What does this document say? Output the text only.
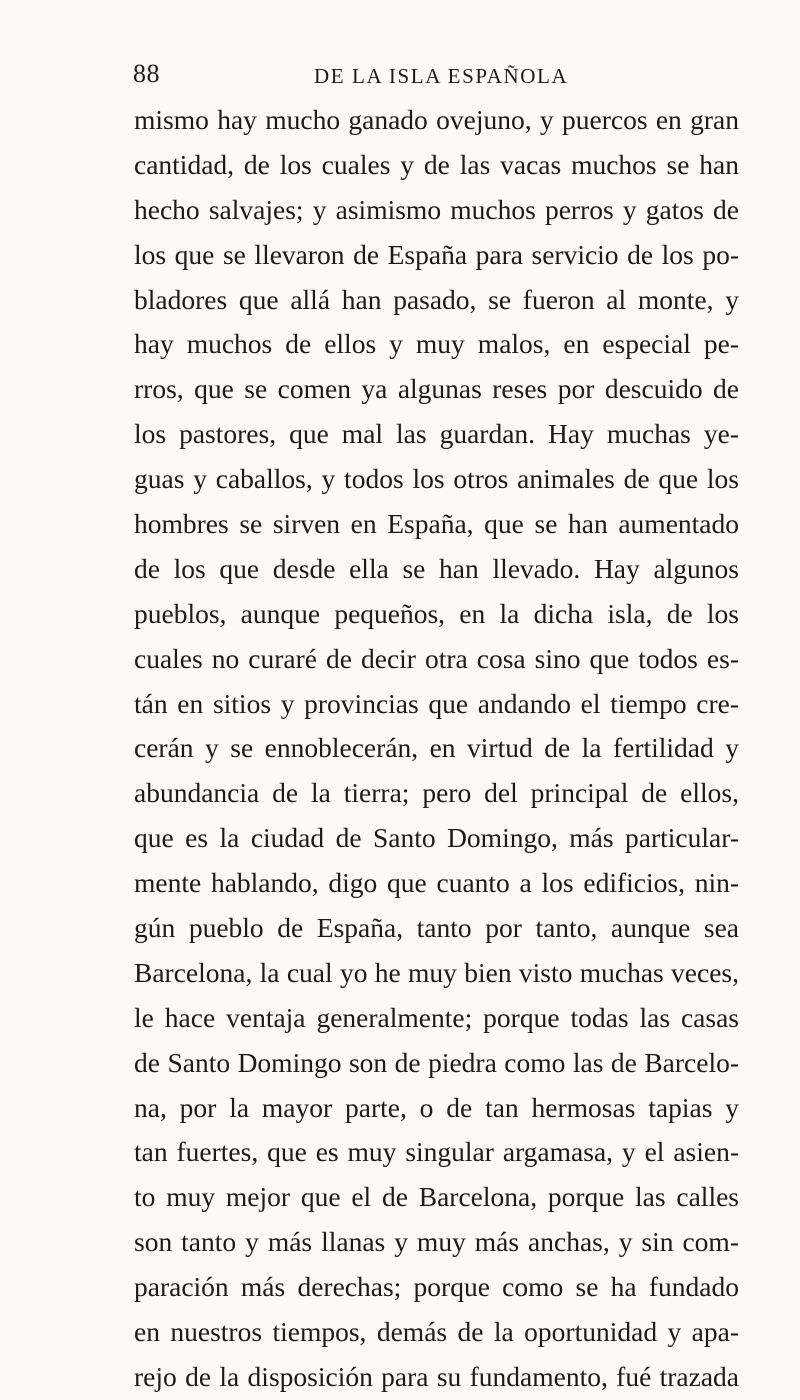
88	DE LA ISLA ESPAÑOLA
mismo hay mucho ganado ovejuno, y puercos en gran
cantidad, de los cuales y de las vacas muchos se han
hecho salvajes; y asimismo muchos perros y gatos de
los que se llevaron de España para servicio de los po-
bladores que allá han pasado, se fueron al monte, y
hay muchos de ellos y muy malos, en especial pe-
rros, que se comen ya algunas reses por descuido de
los pastores, que mal las guardan. Hay muchas ye-
guas y caballos, y todos los otros animales de que los
hombres se sirven en España, que se han aumentado
de los que desde ella se han llevado. Hay algunos
pueblos, aunque pequeños, en la dicha isla, de los
cuales no curaré de decir otra cosa sino que todos es-
tán en sitios y provincias que andando el tiempo cre-
cerán y se ennoblecerán, en virtud de la fertilidad y
abundancia de la tierra; pero del principal de ellos,
que es la ciudad de Santo Domingo, más particular-
mente hablando, digo que cuanto a los edificios, nin-
gún pueblo de España, tanto por tanto, aunque sea
Barcelona, la cual yo he muy bien visto muchas veces,
le hace ventaja generalmente; porque todas las casas
de Santo Domingo son de piedra como las de Barcelo-
na, por la mayor parte, o de tan hermosas tapias y
tan fuertes, que es muy singular argamasa, y el asien-
to muy mejor que el de Barcelona, porque las calles
son tanto y más llanas y muy más anchas, y sin com-
paración más derechas; porque como se ha fundado
en nuestros tiempos, demás de la oportunidad y apa-
rejo de la disposición para su fundamento, fué trazada
